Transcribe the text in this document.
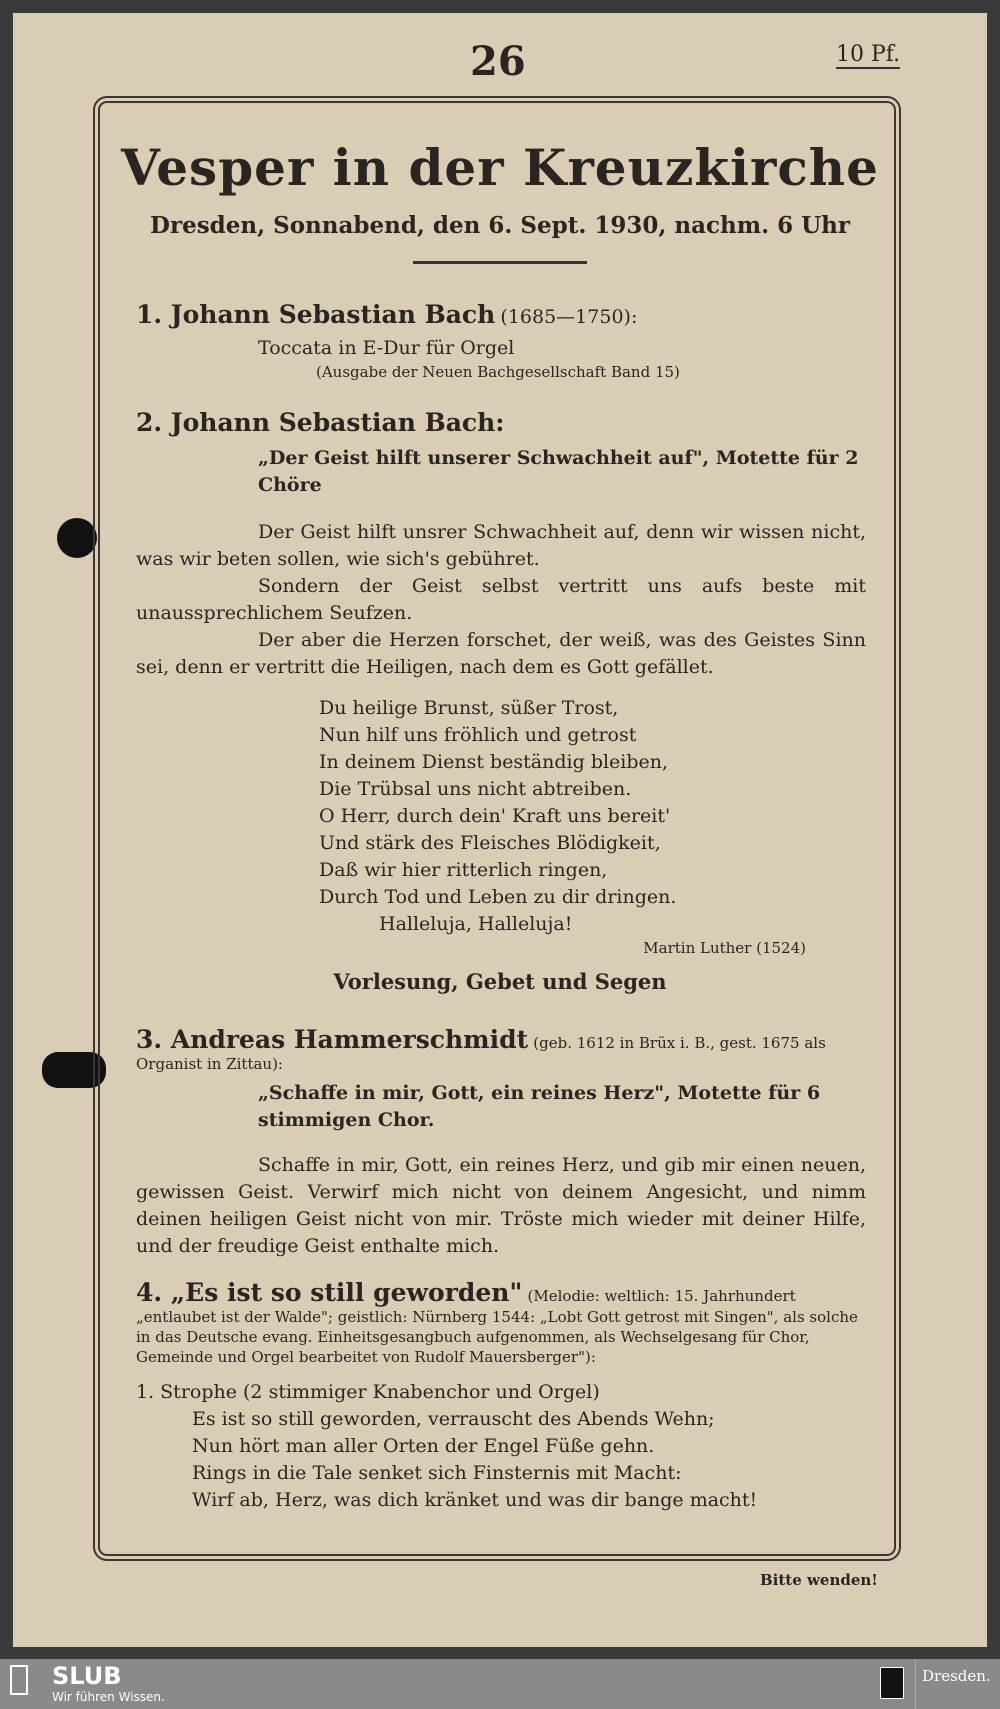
26	10 Pf.
Vesper in der Kreuzkirche
Dresden, Sonnabend, den 6. Sept. 1930, nachm. 6 Uhr
1. Johann Sebastian Bach (1685—1750):
Toccata in E-Dur für Orgel
(Ausgabe der Neuen Bachgesellschaft Band 15)
2. Johann Sebastian Bach:
„Der Geist hilft unserer Schwachheit auf", Motette für 2 Chöre
Der Geist hilft unsrer Schwachheit auf, denn wir wissen nicht, was wir beten sollen, wie sich's gebühret.
Sondern der Geist selbst vertritt uns aufs beste mit unaussprechlichem Seufzen.
Der aber die Herzen forschet, der weiß, was des Geistes Sinn sei, denn er vertritt die Heiligen, nach dem es Gott gefället.
Du heilige Brunst, süßer Trost,
Nun hilf uns fröhlich und getrost
In deinem Dienst beständig bleiben,
Die Trübsal uns nicht abtreiben.
O Herr, durch dein' Kraft uns bereit'
Und stärk des Fleisches Blödigkeit,
Daß wir hier ritterlich ringen,
Durch Tod und Leben zu dir dringen.
Halleluja, Halleluja!
Martin Luther (1524)
Vorlesung, Gebet und Segen
3. Andreas Hammerschmidt (geb. 1612 in Brüx i. B., gest. 1675 als Organist in Zittau):
„Schaffe in mir, Gott, ein reines Herz", Motette für 6 stimmigen Chor.
Schaffe in mir, Gott, ein reines Herz, und gib mir einen neuen, gewissen Geist. Verwirf mich nicht von deinem Angesicht, und nimm deinen heiligen Geist nicht von mir. Tröste mich wieder mit deiner Hilfe, und der freudige Geist enthalte mich.
4. „Es ist so still geworden" (Melodie: weltlich: 15. Jahrhundert „entlaubet ist der Walde"; geistlich: Nürnberg 1544: „Lobt Gott getrost mit Singen", als solche in das Deutsche evang. Einheitsgesangbuch aufgenommen, als Wechselgesang für Chor, Gemeinde und Orgel bearbeitet von Rudolf Mauersberger"):
1. Strophe (2 stimmiger Knabenchor und Orgel)
Es ist so still geworden, verrauscht des Abends Wehn;
Nun hört man aller Orten der Engel Füße gehn.
Rings in die Tale senket sich Finsternis mit Macht:
Wirf ab, Herz, was dich kränket und was dir bange macht!
Bitte wenden!
SLUB
Wir führen Wissen.
Dresden.
